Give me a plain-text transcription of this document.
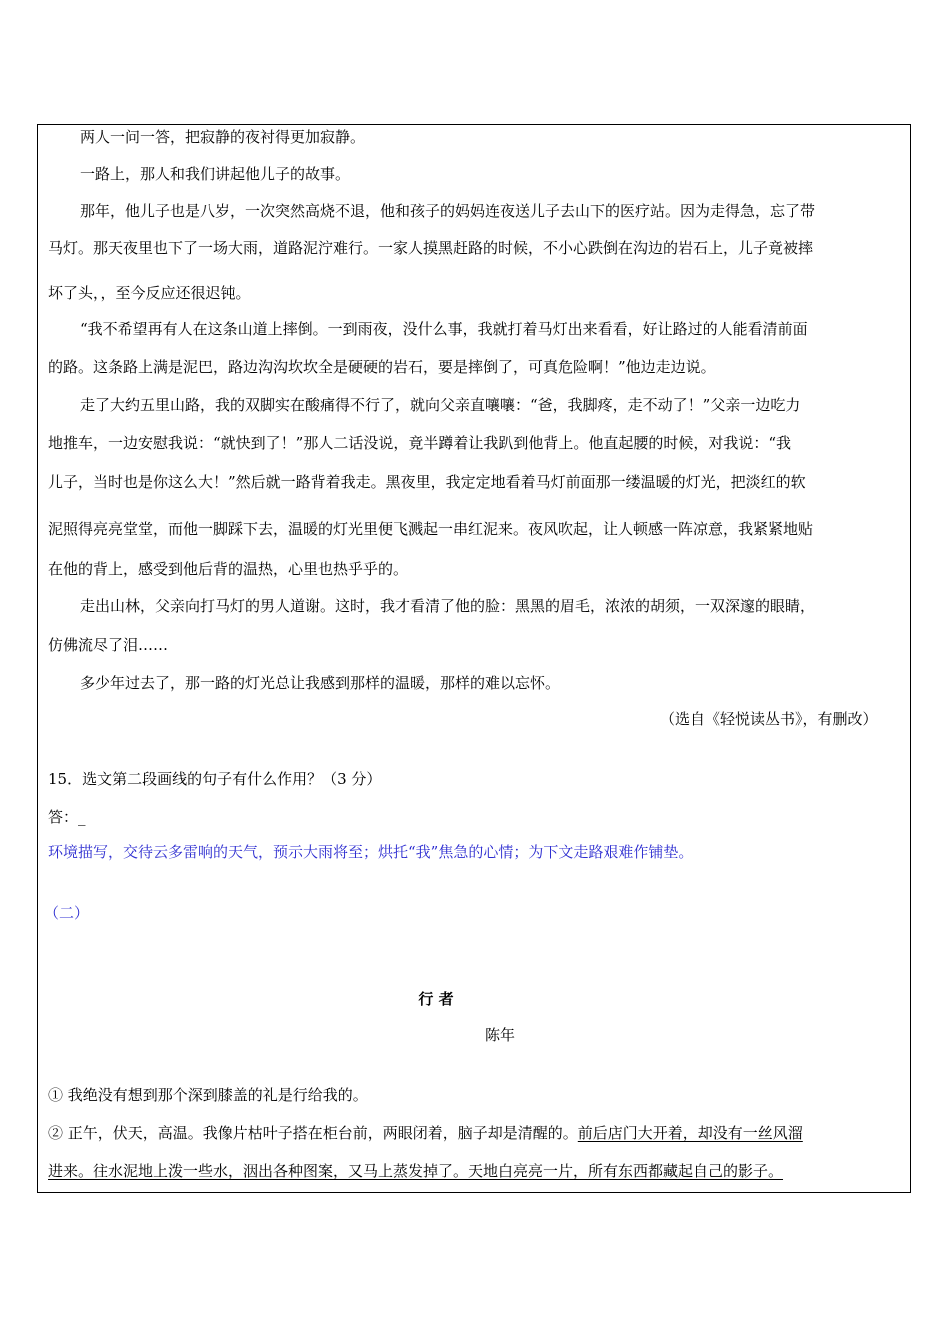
两人一问一答，把寂静的夜衬得更加寂静。
一路上，那人和我们讲起他儿子的故事。
那年，他儿子也是八岁，一次突然高烧不退，他和孩子的妈妈连夜送儿子去山下的医疗站。因为走得急，忘了带
马灯。那天夜里也下了一场大雨，道路泥泞难行。一家人摸黑赶路的时候，不小心跌倒在沟边的岩石上，儿子竟被摔
坏了头，，至今反应还很迟钝。
“我不希望再有人在这条山道上摔倒。一到雨夜，没什么事，我就打着马灯出来看看，好让路过的人能看清前面
的路。这条路上满是泥巴，路边沟沟坎坎全是硬硬的岩石，要是摔倒了，可真危险啊！”他边走边说。
走了大约五里山路，我的双脚实在酸痛得不行了，就向父亲直嚷嚷：“爸，我脚疼，走不动了！”父亲一边吃力
地推车，一边安慰我说：“就快到了！”那人二话没说，竟半蹲着让我趴到他背上。他直起腰的时候，对我说：“我
儿子，当时也是你这么大！”然后就一路背着我走。黑夜里，我定定地看着马灯前面那一缕温暖的灯光，把淡红的软
泥照得亮亮堂堂，而他一脚踩下去，温暖的灯光里便飞溅起一串红泥来。夜风吹起，让人顿感一阵凉意，我紧紧地贴
在他的背上，感受到他后背的温热，心里也热乎乎的。
走出山林，父亲向打马灯的男人道谢。这时，我才看清了他的脸：黑黑的眉毛，浓浓的胡须，一双深邃的眼睛，
仿佛流尽了泪……
多少年过去了，那一路的灯光总让我感到那样的温暖，那样的难以忘怀。
（选自《轻悦读丛书》，有删改）
15．选文第二段画线的句子有什么作用？（3 分）
答：_
环境描写，交待云多雷响的天气，预示大雨将至；烘托“我”焦急的心情；为下文走路艰难作铺垫。
（二）
行 者
陈年
① 我绝没有想到那个深到膝盖的礼是行给我的。
② 正午，伏天，高温。我像片枯叶子搭在柜台前，两眼闭着，脑子却是清醒的。前后店门大开着，却没有一丝风溜
进来。往水泥地上泼一些水，洇出各种图案，又马上蒸发掉了。天地白亮亮一片，所有东西都藏起自己的影子。
